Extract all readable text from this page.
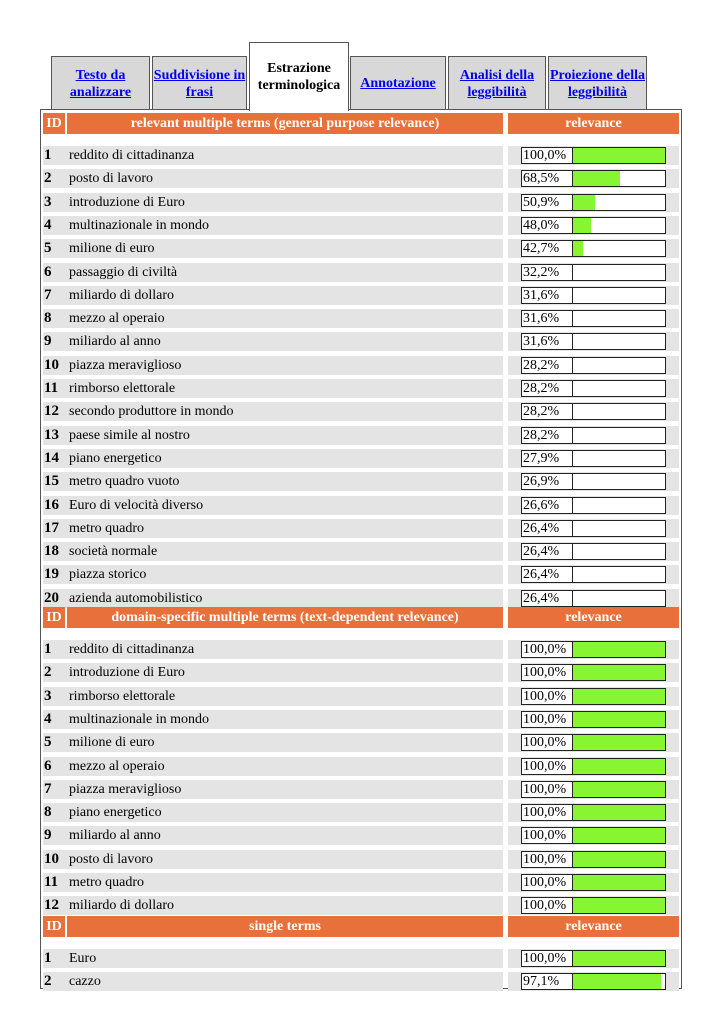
Testo da analizzare
Suddivisione in frasi
Estrazione terminologica	Annotazione
Analisi della leggibilità
Proiezione della leggibilità
ID	relevant multiple terms (general purpose relevance)	relevance
1	reddito di cittadinanza	100,0%
2	posto di lavoro	68,5%
3	introduzione di Euro	50,9%
4	multinazionale in mondo	48,0%
5	milione di euro	42,7%
6	passaggio di civiltà	32,2%
7	miliardo di dollaro	31,6%
8	mezzo al operaio	31,6%
9	miliardo al anno	31,6%
10 piazza meraviglioso	28,2%
11 rimborso elettorale	28,2%
12 secondo produttore in mondo	28,2%
13 paese simile al nostro	28,2%
14 piano energetico	27,9%
15 metro quadro vuoto	26,9%
16 Euro di velocità diverso	26,6%
17 metro quadro	26,4%
18 società normale	26,4%
19 piazza storico	26,4%
20 azienda automobilistico	26,4%
ID	domain-specific multiple terms (text-dependent relevance)	relevance
1	reddito di cittadinanza	100,0%
2	introduzione di Euro	100,0%
3	rimborso elettorale	100,0%
4	multinazionale in mondo	100,0%
5	milione di euro	100,0%
6	mezzo al operaio	100,0%
7	piazza meraviglioso	100,0%
8	piano energetico	100,0%
9	miliardo al anno	100,0%
10 posto di lavoro	100,0%
11 metro quadro	100,0%
12 miliardo di dollaro	100,0%
ID	single terms	relevance
1	Euro	100,0%
2	cazzo	97,1%
